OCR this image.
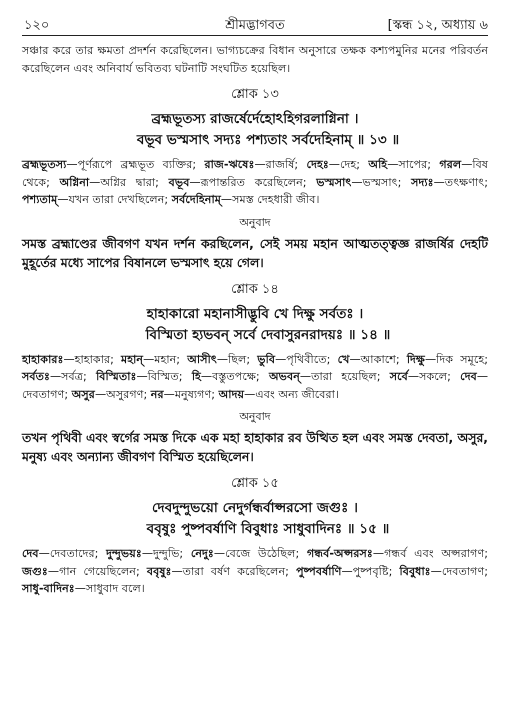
১২০	শ্রীমদ্ভাগবত	[স্কন্ধ ১২, অধ্যায় ৬

সঞ্চার করে তার ক্ষমতা প্রদর্শন করেছিলেন। ভাগ্যচক্রের বিধান অনুসারে তক্ষক কশ্যপমুনির মনের পরিবর্তন করেছিলেন এবং অনিবার্য ভবিতব্য ঘটনাটি সংঘটিত হয়েছিল।

শ্লোক ১৩
ব্রহ্মভূতস্য রাজর্ষের্দেহোঽহিগরলাগ্নিনা ।
বভূব ভস্মসাৎ সদ্যঃ পশ্যতাং সর্বদেহিনাম্ ॥ ১৩ ॥

ব্রহ্মভূতস্য—পূর্ণরূপে ব্রহ্মভূত ব্যক্তির; রাজ-ঋষেঃ—রাজর্ষি; দেহঃ—দেহ; অহি—সাপের; গরল—বিষ থেকে; অগ্নিনা—অগ্নির দ্বারা; বভূব—রূপান্তরিত করেছিলেন; ভস্মসাৎ—ভস্মসাৎ; সদ্যঃ—তৎক্ষণাৎ; পশ্যতাম্—যখন তারা দেখছিলেন; সর্বদেহিনাম্—সমস্ত দেহধারী জীব।

অনুবাদ

সমস্ত ব্রহ্মাণ্ডের জীবগণ যখন দর্শন করছিলেন, সেই সময় মহান আত্মতত্ত্বজ্ঞ রাজর্ষির দেহটি মুহূর্তের মধ্যে সাপের বিষানলে ভস্মসাৎ হয়ে গেল।

শ্লোক ১৪
হাহাকারো মহানাসীদ্ভুবি খে দিক্ষু সর্বতঃ ।
বিস্মিতা হ্যভবন্ সর্বে দেবাসুরনরাদয়ঃ ॥ ১৪ ॥

হাহাকারঃ—হাহাকার; মহান্—মহান; আসীৎ—ছিল; ভুবি—পৃথিবীতে; খে—আকাশে; দিক্ষু—দিক সমূহে; সর্বতঃ—সর্বত্র; বিস্মিতাঃ—বিস্মিত; হি—বস্তুতপক্ষে; অভবন্—তারা হয়েছিল; সর্বে—সকলে; দেব—দেবতাগণ; অসুর—অসুরগণ; নর—মনুষ্যগণ; আদয়—এবং অন্য জীবেরা।

অনুবাদ

তখন পৃথিবী এবং স্বর্গের সমস্ত দিকে এক মহা হাহাকার রব উত্থিত হল এবং সমস্ত দেবতা, অসুর, মনুষ্য এবং অন্যান্য জীবগণ বিস্মিত হয়েছিলেন।

শ্লোক ১৫
দেবদুন্দুভয়ো নেদুর্গন্ধর্বাপ্সরসো জগুঃ ।
ববৃষুঃ পুষ্পবর্ষাণি বিবুধাঃ সাধুবাদিনঃ ॥ ১৫ ॥

দেব—দেবতাদের; দুন্দুভয়ঃ—দুন্দুভি; নেদুঃ—বেজে উঠেছিল; গন্ধর্ব-অপ্সরসঃ—গন্ধর্ব এবং অপ্সরাগণ; জগুঃ—গান গেয়েছিলেন; ববৃষুঃ—তারা বর্ষণ করেছিলেন; পুষ্পবর্ষাণি—পুষ্পবৃষ্টি; বিবুধাঃ—দেবতাগণ; সাধু-বাদিনঃ—সাধুবাদ বলে।
